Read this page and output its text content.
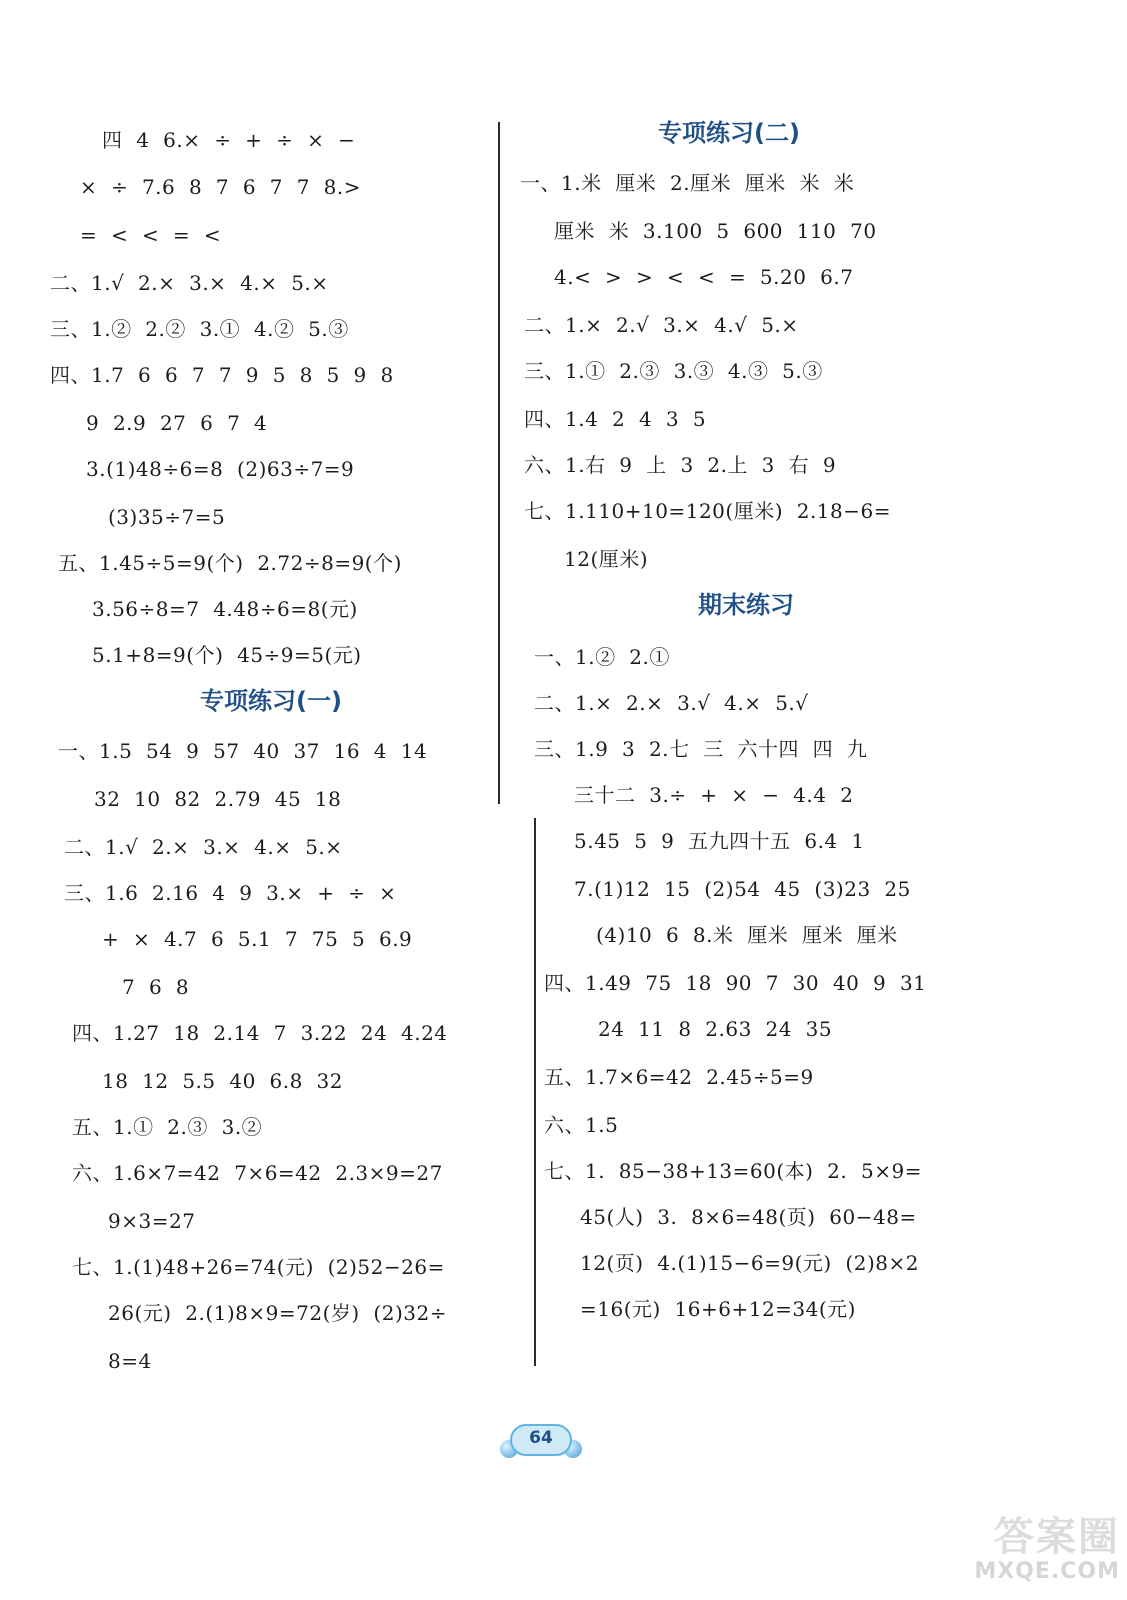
四  4  6.×  ÷  +  ÷  ×  −
×  ÷  7.6  8  7  6  7  7  8.>
=  <  <  =  <
二、1.√  2.×  3.×  4.×  5.×
三、1.②  2.②  3.①  4.②  5.③
四、1.7  6  6  7  7  9  5  8  5  9  8
9  2.9  27  6  7  4
3.(1)48÷6=8  (2)63÷7=9
(3)35÷7=5
五、1.45÷5=9(个)  2.72÷8=9(个)
3.56÷8=7  4.48÷6=8(元)
5.1+8=9(个)  45÷9=5(元)
专项练习(一)
一、1.5  54  9  57  40  37  16  4  14
32  10  82  2.79  45  18
二、1.√  2.×  3.×  4.×  5.×
三、1.6  2.16  4  9  3.×  +  ÷  ×
+  ×  4.7  6  5.1  7  75  5  6.9
7  6  8
四、1.27  18  2.14  7  3.22  24  4.24
18  12  5.5  40  6.8  32
五、1.①  2.③  3.②
六、1.6×7=42  7×6=42  2.3×9=27
9×3=27
七、1.(1)48+26=74(元)  (2)52−26=
26(元)  2.(1)8×9=72(岁)  (2)32÷
8=4
专项练习(二)
一、1.米  厘米  2.厘米  厘米  米  米
厘米  米  3.100  5  600  110  70
4.<  >  >  <  <  =  5.20  6.7
二、1.×  2.√  3.×  4.√  5.×
三、1.①  2.③  3.③  4.③  5.③
四、1.4  2  4  3  5
六、1.右  9  上  3  2.上  3  右  9
七、1.110+10=120(厘米)  2.18−6=
12(厘米)
期末练习
一、1.②  2.①
二、1.×  2.×  3.√  4.×  5.√
三、1.9  3  2.七  三  六十四  四  九
三十二  3.÷  +  ×  −  4.4  2
5.45  5  9  五九四十五  6.4  1
7.(1)12  15  (2)54  45  (3)23  25
(4)10  6  8.米  厘米  厘米  厘米
四、1.49  75  18  90  7  30  40  9  31
24  11  8  2.63  24  35
五、1.7×6=42  2.45÷5=9
六、1.5
七、1.  85−38+13=60(本)  2.  5×9=
45(人)  3.  8×6=48(页)  60−48=
12(页)  4.(1)15−6=9(元)  (2)8×2
=16(元)  16+6+12=34(元)
64
答案圈
MXQE.COM
